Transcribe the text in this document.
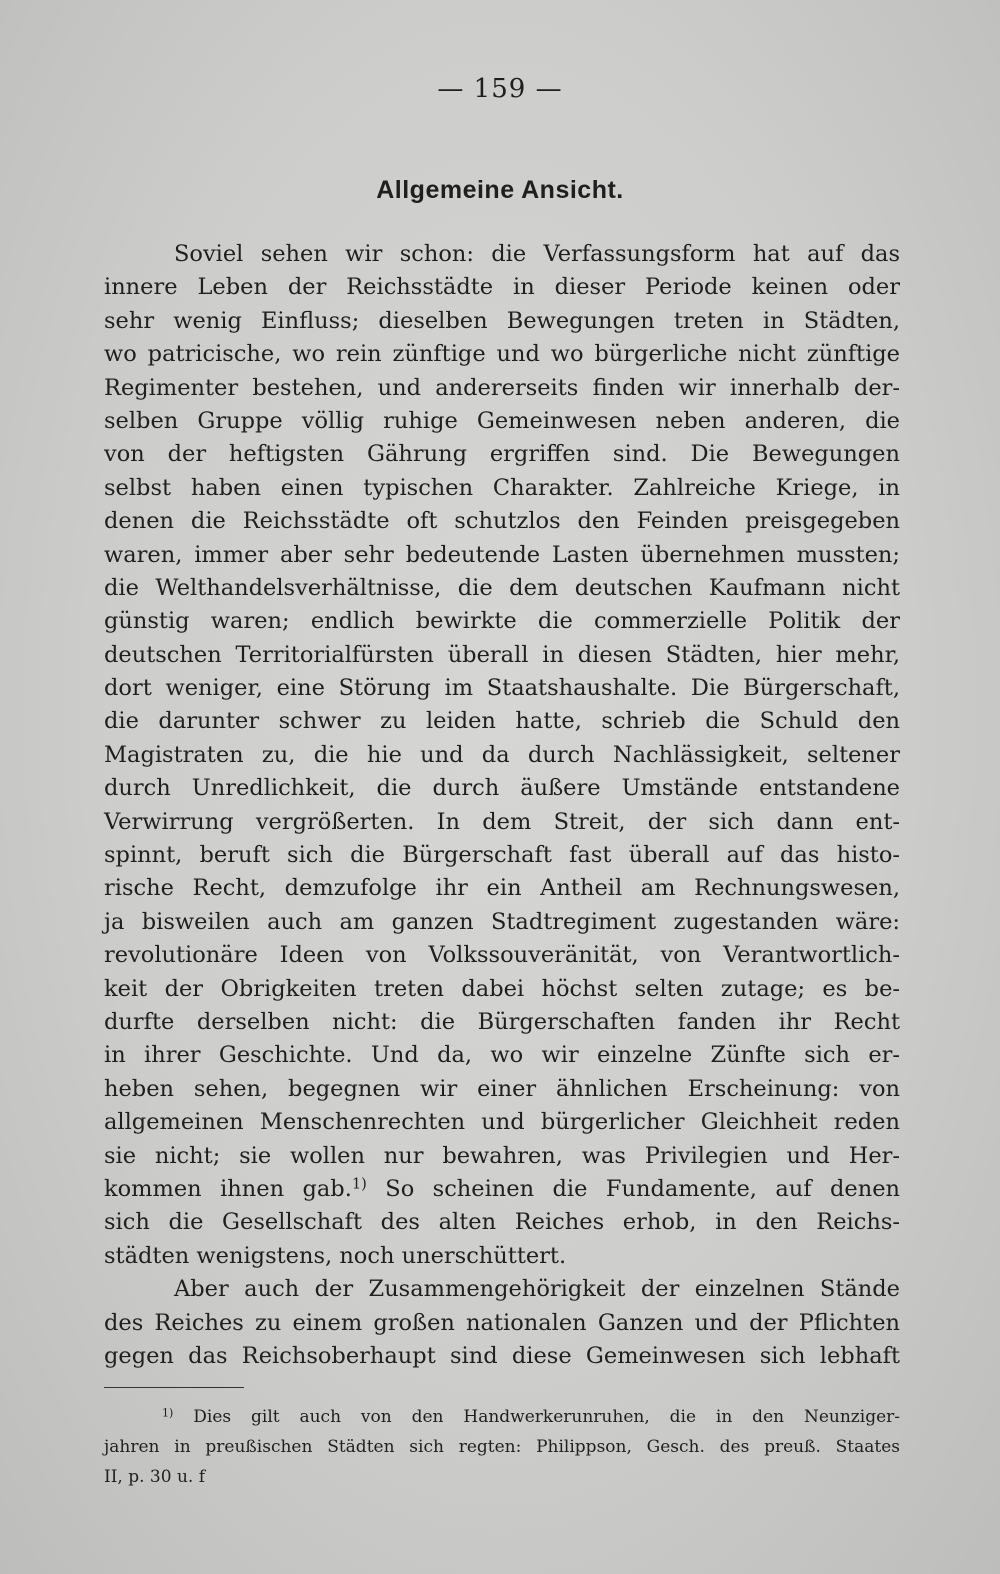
— 159 —
Allgemeine Ansicht.
Soviel sehen wir schon: die Verfassungsform hat auf das
innere Leben der Reichsstädte in dieser Periode keinen oder
sehr wenig Einfluss; dieselben Bewegungen treten in Städten,
wo patricische, wo rein zünftige und wo bürgerliche nicht zünftige
Regimenter bestehen, und andererseits finden wir innerhalb der-
selben Gruppe völlig ruhige Gemeinwesen neben anderen, die
von der heftigsten Gährung ergriffen sind. Die Bewegungen
selbst haben einen typischen Charakter. Zahlreiche Kriege, in
denen die Reichsstädte oft schutzlos den Feinden preisgegeben
waren, immer aber sehr bedeutende Lasten übernehmen mussten;
die Welthandelsverhältnisse, die dem deutschen Kaufmann nicht
günstig waren; endlich bewirkte die commerzielle Politik der
deutschen Territorialfürsten überall in diesen Städten, hier mehr,
dort weniger, eine Störung im Staatshaushalte. Die Bürgerschaft,
die darunter schwer zu leiden hatte, schrieb die Schuld den
Magistraten zu, die hie und da durch Nachlässigkeit, seltener
durch Unredlichkeit, die durch äußere Umstände entstandene
Verwirrung vergrößerten. In dem Streit, der sich dann ent-
spinnt, beruft sich die Bürgerschaft fast überall auf das histo-
rische Recht, demzufolge ihr ein Antheil am Rechnungswesen,
ja bisweilen auch am ganzen Stadtregiment zugestanden wäre:
revolutionäre Ideen von Volkssouveränität, von Verantwortlich-
keit der Obrigkeiten treten dabei höchst selten zutage; es be-
durfte derselben nicht: die Bürgerschaften fanden ihr Recht
in ihrer Geschichte. Und da, wo wir einzelne Zünfte sich er-
heben sehen, begegnen wir einer ähnlichen Erscheinung: von
allgemeinen Menschenrechten und bürgerlicher Gleichheit reden
sie nicht; sie wollen nur bewahren, was Privilegien und Her-
kommen ihnen gab.$^{1)}$ So scheinen die Fundamente, auf denen
sich die Gesellschaft des alten Reiches erhob, in den Reichs-
städten wenigstens, noch unerschüttert.
Aber auch der Zusammengehörigkeit der einzelnen Stände
des Reiches zu einem großen nationalen Ganzen und der Pflichten
gegen das Reichsoberhaupt sind diese Gemeinwesen sich lebhaft
$^{1)}$ Dies gilt auch von den Handwerkerunruhen, die in den Neunziger-
jahren in preußischen Städten sich regten: Philippson, Gesch. des preuß. Staates
II, p. 30 u. f
